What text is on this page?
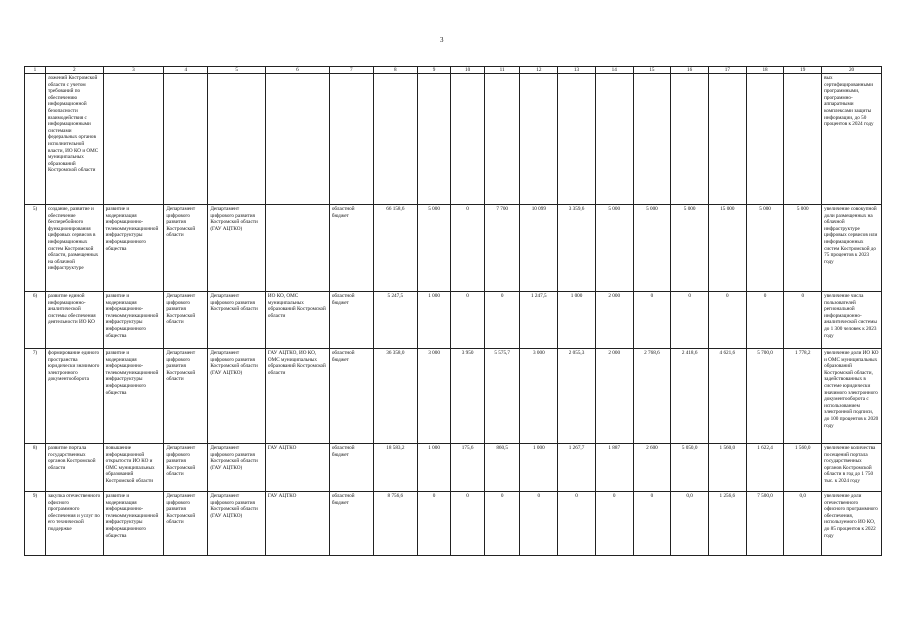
3
1	2	3	4	5	6	7	8	9	10	11	12	13	14	15	16	17	18	19	20
	ложений Костромской области с учетом требований по обеспечению информационной безопасности взаимодействия с информационными системами федеральных органов исполнительной власти, ИО КО и ОМС муниципальных образований Костромской области																		вых сертифицированными программными, программно-аппаратными комплексами защиты информации, до 50 процентов к 2024 году
5)	создание, развитие и обеспечение бесперебойного функционирования цифровых сервисов в информационных систем Костромской области, размещенных на облачной инфраструктуре	развитие и модернизация информационно-телекоммуникационной инфраструктуры информационного общества	Департамент цифрового развития Костромской области	Департамент цифрового развития Костромской области (ГАУ АЦТКО)		областной бюджет	66 158,6	5 000	0	7 700	10 099	3 359,6	5 000	5 000	5 000	15 000	5 000	5 000	увеличение совокупной доли размещенных на облачной инфраструктуре цифровых сервисов или информационных систем Костромской до 75 процентов к 2023 году
6)	развитие единой информационно-аналитической системы обеспечения деятельности ИО КО	развитие и модернизация информационно-телекоммуникационной инфраструктуры информационного общества	Департамент цифрового развития Костромской области	Департамент цифрового развития Костромской области	ИО КО, ОМС муниципальных образований Костромской области	областной бюджет	5 247,5	1 000	0	0	1 247,5	1 000	2 000	0	0	0	0	0	увеличение числа пользователей региональной информационно-аналитической системы до 1 300 человек к 2023 году
7)	формирование единого пространства юридически значимого электронного документооборота	развитие и модернизация информационно-телекоммуникационной инфраструктуры информационного общества	Департамент цифрового развития Костромской области	Департамент цифрового развития Костромской области (ГАУ АЦТКО)	ГАУ АЦТКО, ИО КО, ОМС муниципальных образований Костромской области	областной бюджет	36 358,0	3 000	3 950	5 575,7	3 000	2 055,3	2 000	2 768,6	2 418,6	4 621,6	5 700,0	1 778,2	увеличение доли ИО КО и ОМС муниципальных образований Костромской области, задействованных в системе юридически значимого электронного документооборота с использованием электронной подписи, до 100 процентов к 2020 году
8)	развитие портала государственных органов Костромской области	повышение информационной открытости ИО КО и ОМС муниципальных образований Костромской области	Департамент цифрового развития Костромской области	Департамент цифрового развития Костромской области (ГАУ АЦТКО)	ГАУ АЦТКО	областной бюджет	18 583,2	1 000	175,6	860,5	1 000	1 267,7	1 887	2 600	5 050,0	1 560,0	1 622,4	1 560,0	увеличение количества посещений портала государственных органов Костромской области в год до 1 750 тыс. к 2024 году
9)	закупка отечественного офисного программного обеспечения и услуг по его технической поддержке	развитие и модернизация информационно-телекоммуникационной инфраструктуры информационного общества	Департамент цифрового развития Костромской области	Департамент цифрового развития Костромской области (ГАУ АЦТКО)	ГАУ АЦТКО	областной бюджет	8 756,6	0	0	0	0	0	0	0	0,0	1 256,6	7 500,0	0,0	увеличение доли отечественного офисного программного обеспечения, используемого ИО КО, до 85 процентов к 2022 году
